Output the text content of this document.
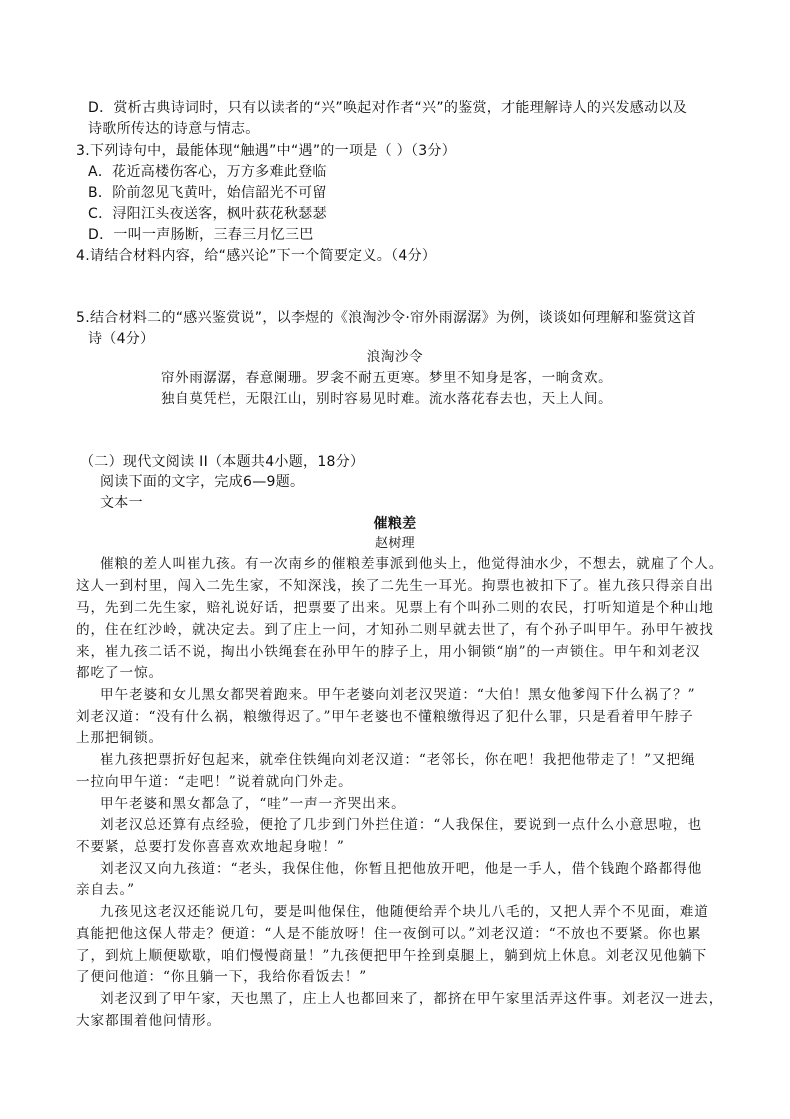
D．赏析古典诗词时，只有以读者的“兴”唤起对作者“兴”的鉴赏，才能理解诗人的兴发感动以及
诗歌所传达的诗意与情志。
3.下列诗句中，最能体现“触遇”中“遇”的一项是（ ）（3分）
A．花近高楼伤客心，万方多难此登临
B．阶前忽见飞黄叶，始信韶光不可留
C．浔阳江头夜送客，枫叶荻花秋瑟瑟
D．一叫一声肠断，三春三月忆三巴
4.请结合材料内容，给“感兴论”下一个简要定义。（4分）
5.结合材料二的“感兴鉴赏说”，以李煜的《浪淘沙令·帘外雨潺潺》为例，谈谈如何理解和鉴赏这首
诗（4分）
浪淘沙令
帘外雨潺潺，春意阑珊。罗衾不耐五更寒。梦里不知身是客，一晌贪欢。
独自莫凭栏，无限江山，别时容易见时难。流水落花春去也，天上人间。
（二）现代文阅读 II（本题共4小题，18分）
阅读下面的文字，完成6—9题。
文本一
催粮差
赵树理
催粮的差人叫崔九孩。有一次南乡的催粮差事派到他头上，他觉得油水少，不想去，就雇了个人。
这人一到村里，闯入二先生家，不知深浅，挨了二先生一耳光。拘票也被扣下了。崔九孩只得亲自出
马，先到二先生家，赔礼说好话，把票要了出来。见票上有个叫孙二则的农民，打听知道是个种山地
的，住在红沙岭，就决定去。到了庄上一问，才知孙二则早就去世了，有个孙子叫甲午。孙甲午被找
来，崔九孩二话不说，掏出小铁绳套在孙甲午的脖子上，用小铜锁“崩”的一声锁住。甲午和刘老汉
都吃了一惊。
甲午老婆和女儿黑女都哭着跑来。甲午老婆向刘老汉哭道：“大伯！黑女他爹闯下什么祸了？”
刘老汉道：“没有什么祸，粮缴得迟了。”甲午老婆也不懂粮缴得迟了犯什么罪，只是看着甲午脖子
上那把铜锁。
崔九孩把票折好包起来，就牵住铁绳向刘老汉道：“老邻长，你在吧！我把他带走了！”又把绳
一拉向甲午道：“走吧！”说着就向门外走。
甲午老婆和黑女都急了，“哇”一声一齐哭出来。
刘老汉总还算有点经验，便抢了几步到门外拦住道：“人我保住，要说到一点什么小意思啦，也
不要紧，总要打发你喜喜欢欢地起身啦！”
刘老汉又向九孩道：“老头，我保住他，你暂且把他放开吧，他是一手人，借个钱跑个路都得他
亲自去。”
九孩见这老汉还能说几句，要是叫他保住，他随便给弄个块儿八毛的，又把人弄个不见面，难道
真能把他这保人带走？便道：“人是不能放呀！住一夜倒可以。”刘老汉道：“不放也不要紧。你也累
了，到炕上顺便歇歇，咱们慢慢商量！”九孩便把甲午拴到桌腿上，躺到炕上休息。刘老汉见他躺下
了便问他道：“你且躺一下，我给你看饭去！”
刘老汉到了甲午家，天也黑了，庄上人也都回来了，都挤在甲午家里活弄这件事。刘老汉一进去，
大家都围着他问情形。
